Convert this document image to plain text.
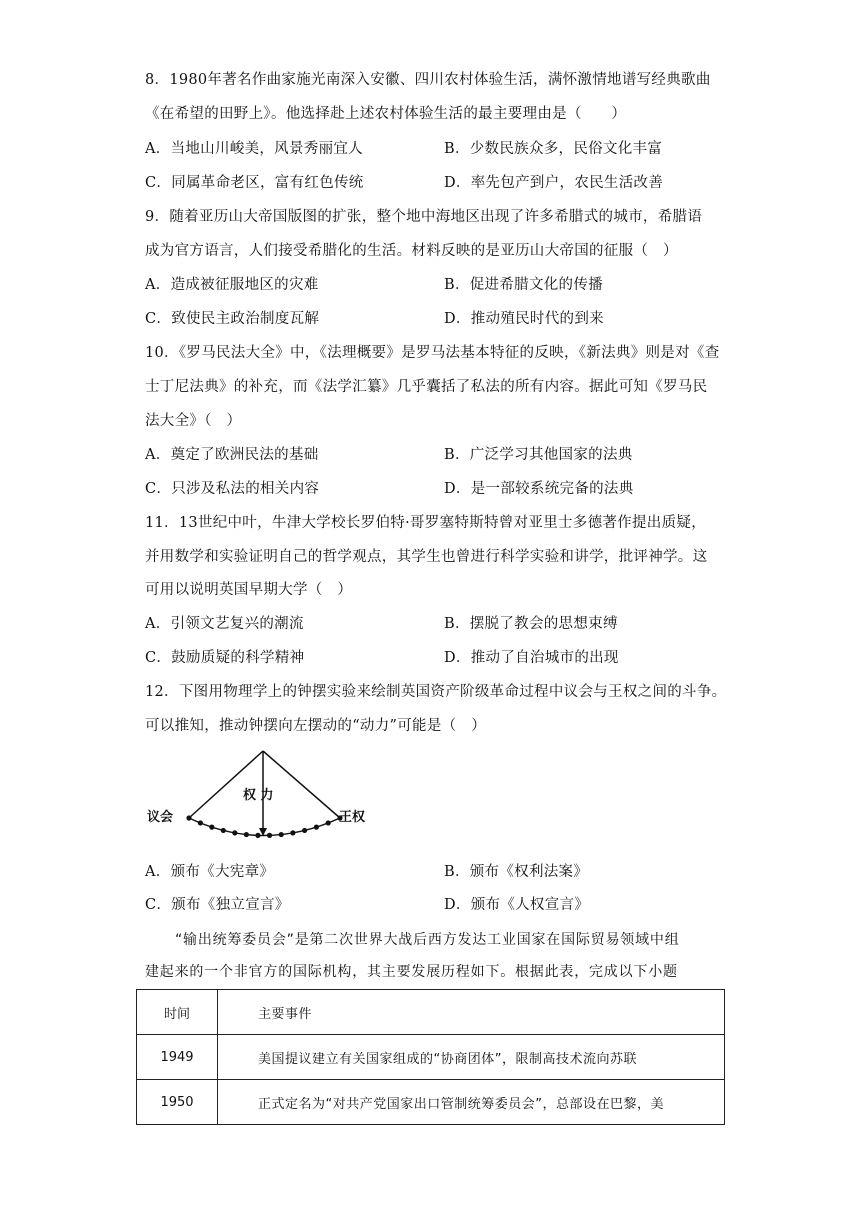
8．1980年著名作曲家施光南深入安徽、四川农村体验生活，满怀激情地谱写经典歌曲
《在希望的田野上》。他选择赴上述农村体验生活的最主要理由是（　　）
A．当地山川峻美，风景秀丽宜人	B．少数民族众多，民俗文化丰富
C．同属革命老区，富有红色传统	D．率先包产到户，农民生活改善
9．随着亚历山大帝国版图的扩张，整个地中海地区出现了许多希腊式的城市，希腊语
成为官方语言，人们接受希腊化的生活。材料反映的是亚历山大帝国的征服（　）
A．造成被征服地区的灾难	B．促进希腊文化的传播
C．致使民主政治制度瓦解	D．推动殖民时代的到来
10．《罗马民法大全》中，《法理概要》是罗马法基本特征的反映，《新法典》则是对《查
士丁尼法典》的补充，而《法学汇纂》几乎囊括了私法的所有内容。据此可知《罗马民
法大全》（　）
A．奠定了欧洲民法的基础	B．广泛学习其他国家的法典
C．只涉及私法的相关内容	D．是一部较系统完备的法典
11．13世纪中叶，牛津大学校长罗伯特·哥罗塞特斯特曾对亚里士多德著作提出质疑，
并用数学和实验证明自己的哲学观点，其学生也曾进行科学实验和讲学，批评神学。这
可用以说明英国早期大学（　）
A．引领文艺复兴的潮流	B．摆脱了教会的思想束缚
C．鼓励质疑的科学精神	D．推动了自治城市的出现
12．下图用物理学上的钟摆实验来绘制英国资产阶级革命过程中议会与王权之间的斗争。
可以推知，推动钟摆向左摆动的“动力”可能是（　）
议会
权 力
王权
A．颁布《大宪章》	B．颁布《权利法案》
C．颁布《独立宣言》	D．颁布《人权宣言》
“输出统筹委员会”是第二次世界大战后西方发达工业国家在国际贸易领域中组
建起来的一个非官方的国际机构，其主要发展历程如下。根据此表，完成以下小题
时间	主要事件
1949	美国提议建立有关国家组成的“协商团体”，限制高技术流向苏联
1950	正式定名为“对共产党国家出口管制统筹委员会”，总部设在巴黎，美
